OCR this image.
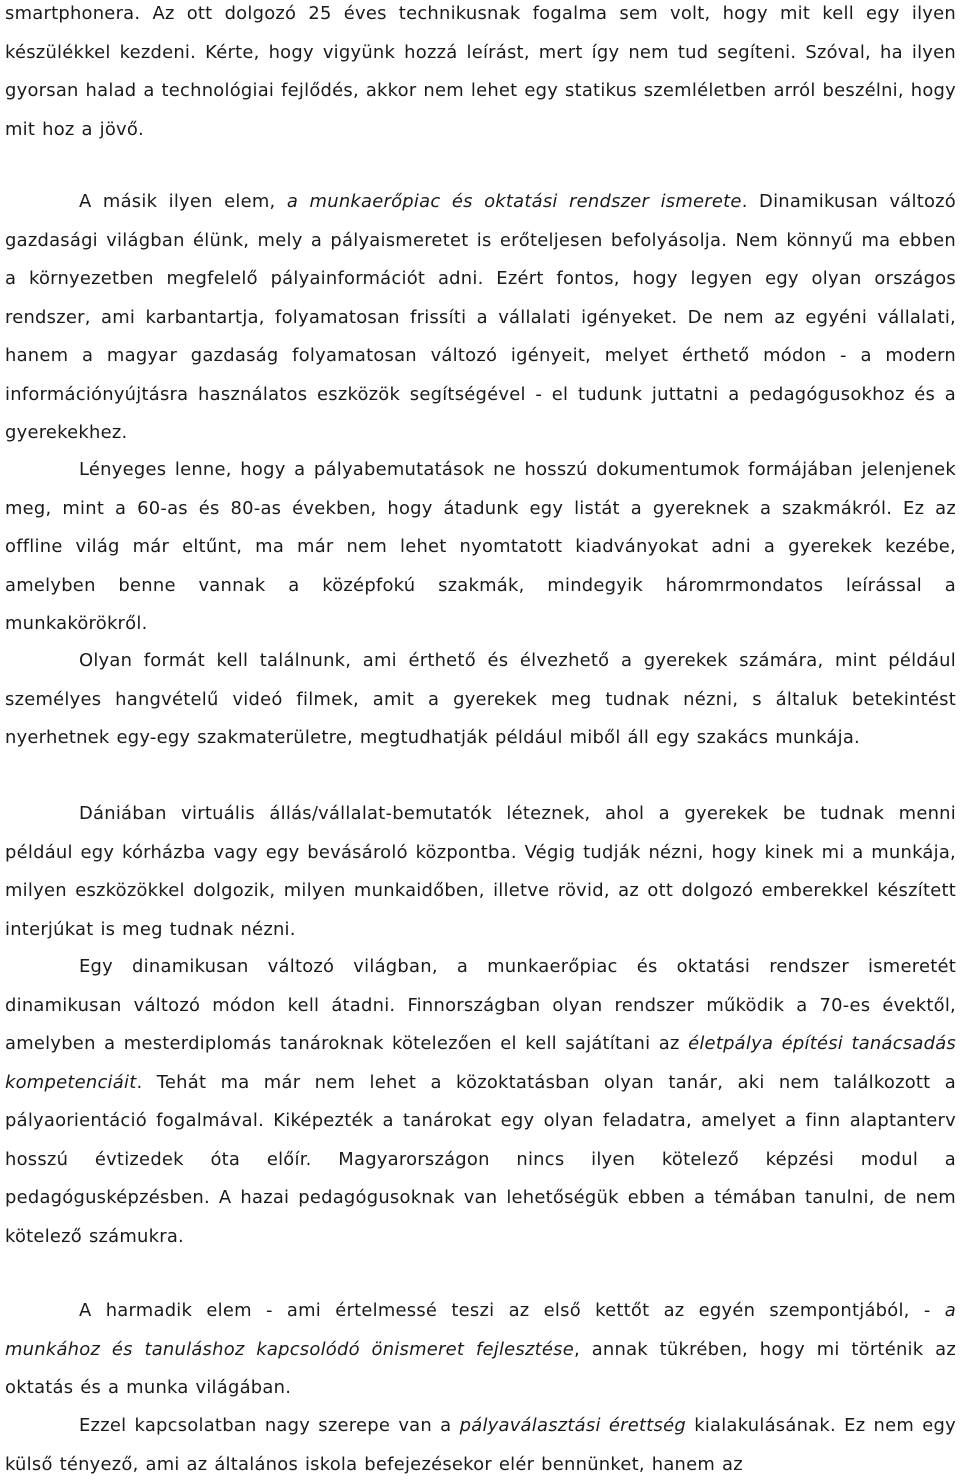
smartphonera. Az ott dolgozó 25 éves technikusnak fogalma sem volt, hogy mit kell egy ilyen készülékkel kezdeni. Kérte, hogy vigyünk hozzá leírást, mert így nem tud segíteni. Szóval, ha ilyen gyorsan halad a technológiai fejlődés, akkor nem lehet egy statikus szemléletben arról beszélni, hogy mit hoz a jövő.

A másik ilyen elem, a munkaerőpiac és oktatási rendszer ismerete. Dinamikusan változó gazdasági világban élünk, mely a pályaismeretet is erőteljesen befolyásolja. Nem könnyű ma ebben a környezetben megfelelő pályainformációt adni. Ezért fontos, hogy legyen egy olyan országos rendszer, ami karbantartja, folyamatosan frissíti a vállalati igényeket. De nem az egyéni vállalati, hanem a magyar gazdaság folyamatosan változó igényeit, melyet érthető módon - a modern információnyújtásra használatos eszközök segítségével - el tudunk juttatni a pedagógusokhoz és a gyerekekhez.

Lényeges lenne, hogy a pályabemutatások ne hosszú dokumentumok formájában jelenjenek meg, mint a 60-as és 80-as években, hogy átadunk egy listát a gyereknek a szakmákról. Ez az offline világ már eltűnt, ma már nem lehet nyomtatott kiadványokat adni a gyerekek kezébe, amelyben benne vannak a középfokú szakmák, mindegyik háromrmondatos leírással a munkakörökről.

Olyan formát kell találnunk, ami érthető és élvezhető a gyerekek számára, mint például személyes hangvételű videó filmek, amit a gyerekek meg tudnak nézni, s általuk betekintést nyerhetnek egy-egy szakmaterületre, megtudhatják például miből áll egy szakács munkája.

Dániában virtuális állás/vállalat-bemutatók léteznek, ahol a gyerekek be tudnak menni például egy kórházba vagy egy bevásároló központba. Végig tudják nézni, hogy kinek mi a munkája, milyen eszközökkel dolgozik, milyen munkaidőben, illetve rövid, az ott dolgozó emberekkel készített interjúkat is meg tudnak nézni.

Egy dinamikusan változó világban, a munkaerőpiac és oktatási rendszer ismeretét dinamikusan változó módon kell átadni. Finnországban olyan rendszer működik a 70-es évektől, amelyben a mesterdiplomás tanároknak kötelezően el kell sajátítani az életpálya építési tanácsadás kompetenciáit. Tehát ma már nem lehet a közoktatásban olyan tanár, aki nem találkozott a pályaorientáció fogalmával. Kiképezték a tanárokat egy olyan feladatra, amelyet a finn alaptanterv hosszú évtizedek óta előír. Magyarországon nincs ilyen kötelező képzési modul a pedagógusképzésben. A hazai pedagógusoknak van lehetőségük ebben a témában tanulni, de nem kötelező számukra.

A harmadik elem - ami értelmessé teszi az első kettőt az egyén szempontjából, - a munkához és tanuláshoz kapcsolódó önismeret fejlesztése, annak tükrében, hogy mi történik az oktatás és a munka világában.

Ezzel kapcsolatban nagy szerepe van a pályaválasztási érettség kialakulásának. Ez nem egy külső tényező, ami az általános iskola befejezésekor elér bennünket, hanem az
